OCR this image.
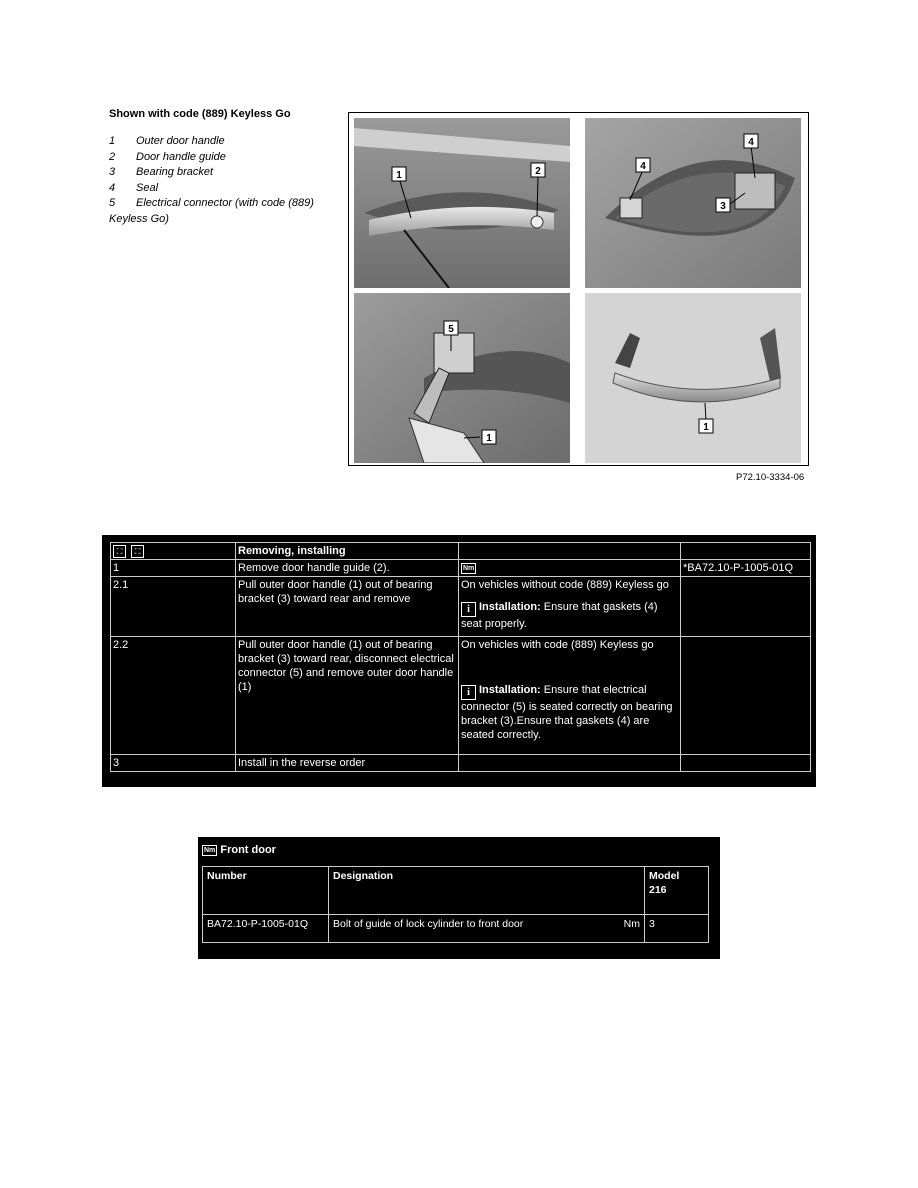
Shown with code (889) Keyless Go
1 Outer door handle
2 Door handle guide
3 Bearing bracket
4 Seal
5 Electrical connector (with code (889)
Keyless Go)
1	2	4
4
3
5
1
1
P72.10-3334-06
⛶ ⛶	Removing, installing		
1	Remove door handle guide (2).	Nm	*BA72.10-P-1005-01Q
2.1	Pull outer door handle (1) out of bearing bracket (3) toward rear and remove	On vehicles without code (889) Keyless go
i Installation: Ensure that gaskets (4) seat properly.	

2.2	Pull outer door handle (1) out of bearing bracket (3) toward rear, disconnect electrical connector (5) and remove outer door handle (1)	On vehicles with code (889) Keyless go
i Installation: Ensure that electrical connector (5) is seated correctly on bearing bracket (3).Ensure that gaskets (4) are seated correctly.	

3	Install in the reverse order		
Nm Front door
Number	Designation	Model
216

BA72.10-P-1005-01Q	Bolt of guide of lock cylinder to front door Nm	3
